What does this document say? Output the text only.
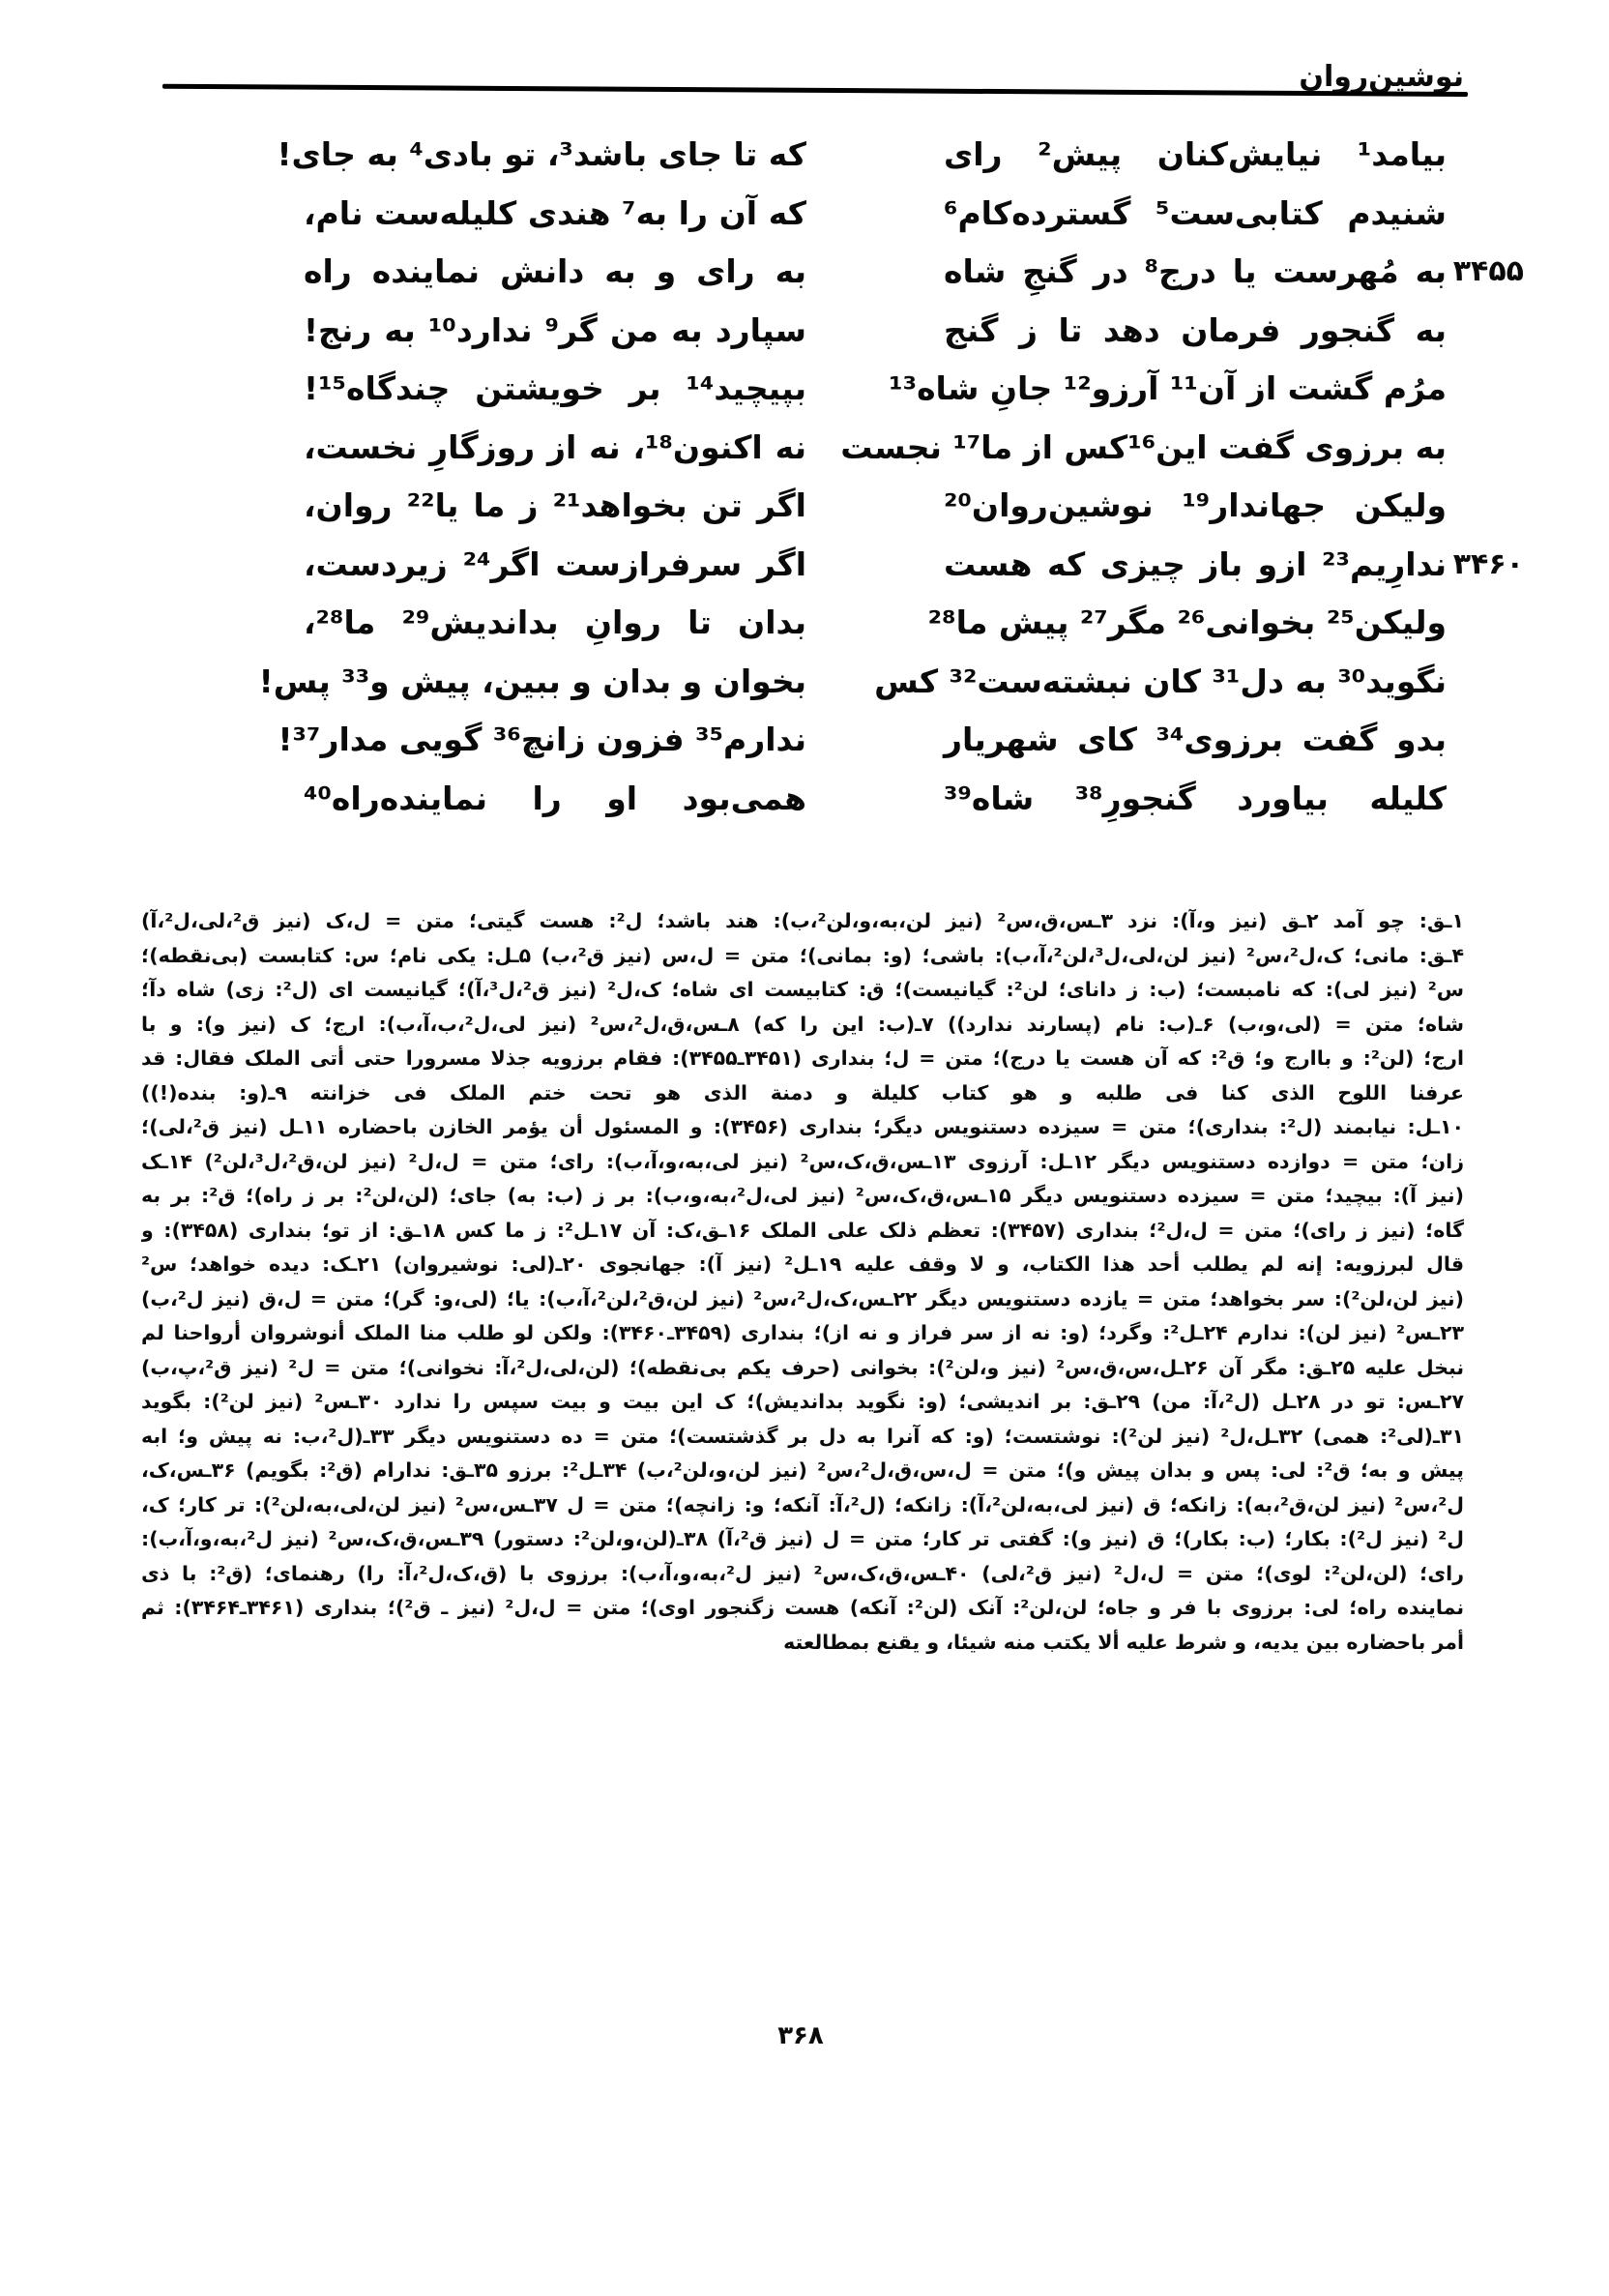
نوشین‌روان
بیامد¹ نیایش‌کنان پیش² رای
شنیدم کتابی‌ست⁵ گسترده‌کام⁶
۳۴۵۵
به مُهرست یا درج⁸ در گنجِ شاه
به گنجور فرمان دهد تا ز گنج
مرُم گشت از آن¹¹ آرزو¹² جانِ شاه¹³
به برزوی گفت این¹⁶کس از ما¹⁷ نجست
ولیکن جهاندار¹⁹ نوشین‌روان²⁰
۳۴۶۰
ندارِیم²³ ازو باز چیزی که هست
ولیکن²⁵ بخوانی²⁶ مگر²⁷ پیش ما²⁸
نگوید³⁰ به دل³¹ کان نبشته‌ست³² کس
بدو گفت برزوی³⁴ کای شهریار
کلیله بیاورد گنجورِ³⁸ شاه³⁹
که تا جای باشد³، تو بادی⁴ به جای!
که آن را به⁷ هندی کلیله‌ست نام،
به رای و به دانش نماینده راه
سپارد به من گر⁹ ندارد¹⁰ به رنج!
بپیچید¹⁴ بر خویشتن چندگاه¹⁵!
نه اکنون¹⁸، نه از روزگارِ نخست،
اگر تن بخواهد²¹ ز ما یا²² روان،
اگر سرفرازست اگر²⁴ زیردست،
بدان تا روانِ بداندیش²⁹ ما²⁸،
بخوان و بدان و ببین، پیش و³³ پس!
ندارم³⁵ فزون زانچ³⁶ گویی مدار³⁷!
همی‌بود او را نماینده‌راه⁴⁰
۱ـق: چو آمد ۲ـق (نیز و،آ): نزد ۳ـس،ق،س² (نیز لن،به،و،لن²،ب): هند باشد؛ ل²: هست گیتی؛ متن = ل،ک (نیز ق²،لی،ل²،آ)
۴ـق: مانی؛ ک،ل²،س² (نیز لن،لی،ل³،لن²،آ،ب): باشی؛ (و: بمانی)؛ متن = ل،س (نیز ق²،ب) ۵ـل: یکی نام؛ س: کتابست (بی‌نقطه)؛
س² (نیز لی): که نامبست؛ (ب: ز دانای؛ لن²: گیانیست)؛ ق: کتابیست ای شاه؛ ک،ل² (نیز ق²،ل³،آ)؛ گیانیست ای (ل²: زی) شاه دآ؛
شاه؛ متن = (لی،و،ب) ۶ـ(ب: نام (پسارند ندارد)) ۷ـ(ب: این را که) ۸ـس،ق،ل²،س² (نیز لی،ل²،ب،آ،ب): ارج؛ ک (نیز و): و با
ارج؛ (لن²: و باارج و؛ ق²: که آن هست یا درج)؛ متن = ل؛ بنداری (۳۴۵۱ـ۳۴۵۵): فقام برزویه جذلا مسرورا حتی أتی الملک فقال: قد
عرفنا اللوح الذی کنا فی طلبه و هو کتاب کلیلة و دمنة الذی هو تحت ختم الملک فی خزانته ۹ـ(و: بنده(!))
۱۰ـل: نیابمند (ل²: بنداری)؛ متن = سیزده دستنویس دیگر؛ بنداری (۳۴۵۶): و المسئول أن یؤمر الخازن باحضاره ۱۱ـل (نیز ق²،لی)؛
زان؛ متن = دوازده دستنویس دیگر ۱۲ـل: آرزوی ۱۳ـس،ق،ک،س² (نیز لی،به،و،آ،ب): رای؛ متن = ل،ل² (نیز لن،ق²،ل³،لن²) ۱۴ـک
(نیز آ): بیچید؛ متن = سیزده دستنویس دیگر ۱۵ـس،ق،ک،س² (نیز لی،ل²،به،و،ب): بر ز (ب: به) جای؛ (لن،لن²: بر ز راه)؛ ق²: بر به
گاه؛ (نیز ز رای)؛ متن = ل،ل²؛ بنداری (۳۴۵۷): تعظم ذلک علی الملک ۱۶ـق،ک: آن ۱۷ـل²: ز ما کس ۱۸ـق: از تو؛ بنداری (۳۴۵۸): و
قال لبرزویه: إنه لم یطلب أحد هذا الکتاب، و لا وقف علیه ۱۹ـل² (نیز آ): جهانجوی ۲۰ـ(لی: نوشیروان) ۲۱ـک: دیده خواهد؛ س²
(نیز لن،لن²): سر بخواهد؛ متن = یازده دستنویس دیگر ۲۲ـس،ک،ل²،س² (نیز لن،ق²،لن²،آ،ب): یا؛ (لی،و: گر)؛ متن = ل،ق (نیز ل²،ب)
۲۳ـس² (نیز لن): ندارم ۲۴ـل²: وگرد؛ (و: نه از سر فراز و نه از)؛ بنداری (۳۴۵۹ـ۳۴۶۰): ولکن لو طلب منا الملک أنوشروان أرواحنا لم
نبخل علیه ۲۵ـق: مگر آن ۲۶ـل،س،ق،س² (نیز و،لن²): بخوانی (حرف یکم بی‌نقطه)؛ (لن،لی،ل²،آ: نخوانی)؛ متن = ل² (نیز ق²،پ،ب)
۲۷ـس: تو در ۲۸ـل (ل²،آ: من) ۲۹ـق: بر اندیشی؛ (و: نگوید بداندیش)؛ ک این بیت و بیت سپس را ندارد ۳۰ـس² (نیز لن²): بگوید
۳۱ـ(لی²: همی) ۳۲ـل،ل² (نیز لن²): نوشتست؛ (و: که آنرا به دل بر گذشتست)؛ متن = ده دستنویس دیگر ۳۳ـ(ل²،ب: نه پیش و؛ ابه
پیش و به؛ ق²: لی: پس و بدان پیش و)؛ متن = ل،س،ق،ل²،س² (نیز لن،و،لن²،ب) ۳۴ـل²: برزو ۳۵ـق: ندارام (ق²: بگویم) ۳۶ـس،ک،
ل²،س² (نیز لن،ق²،به): زانکه؛ ق (نیز لی،به،لن²،آ): زانکه؛ (ل²،آ: آنکه؛ و: زانچه)؛ متن = ل ۳۷ـس،س² (نیز لن،لی،به،لن²): تر کار؛ ک،
ل² (نیز ل²): بکار؛ (ب: بکار)؛ ق (نیز و): گفتی تر کار؛ متن = ل (نیز ق²،آ) ۳۸ـ(لن،و،لن²: دستور) ۳۹ـس،ق،ک،س² (نیز ل²،به،و،آ،ب):
رای؛ (لن،لن²: لوی)؛ متن = ل،ل² (نیز ق²،لی) ۴۰ـس،ق،ک،س² (نیز ل²،به،و،آ،ب): برزوی با (ق،ک،ل²،آ: را) رهنمای؛ (ق²: با ذی
نماینده راه؛ لی: برزوی با فر و جاه؛ لن،لن²: آنک (لن²: آنکه) هست زگنجور اوی)؛ متن = ل،ل² (نیز ـ ق²)؛ بنداری (۳۴۶۱ـ۳۴۶۴): ثم
أمر باحضاره بین یدیه، و شرط علیه ألا یکتب منه شیئا، و یقنع بمطالعته
۳۶۸
